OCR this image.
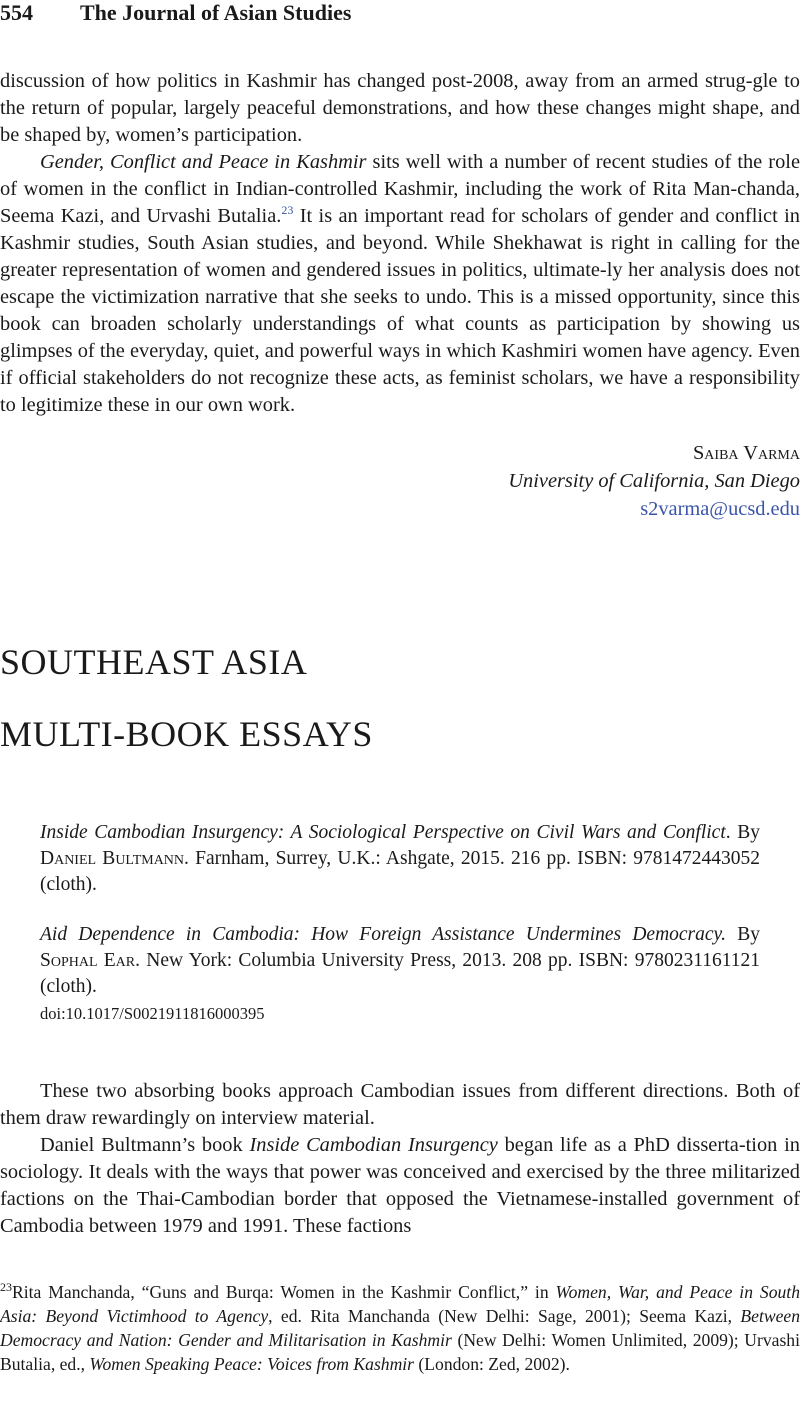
554 The Journal of Asian Studies

discussion of how politics in Kashmir has changed post-2008, away from an armed strug-gle to the return of popular, largely peaceful demonstrations, and how these changes might shape, and be shaped by, women’s participation.

Gender, Conflict and Peace in Kashmir sits well with a number of recent studies of the role of women in the conflict in Indian-controlled Kashmir, including the work of Rita Man-chanda, Seema Kazi, and Urvashi Butalia.$^{23}$ It is an important read for scholars of gender and conflict in Kashmir studies, South Asian studies, and beyond. While Shekhawat is right in calling for the greater representation of women and gendered issues in politics, ultimate-ly her analysis does not escape the victimization narrative that she seeks to undo. This is a missed opportunity, since this book can broaden scholarly understandings of what counts as participation by showing us glimpses of the everyday, quiet, and powerful ways in which Kashmiri women have agency. Even if official stakeholders do not recognize these acts, as feminist scholars, we have a responsibility to legitimize these in our own work.

Saiba Varma
University of California, San Diego
s2varma@ucsd.edu
SOUTHEAST ASIA
MULTI-BOOK ESSAYS

Inside Cambodian Insurgency: A Sociological Perspective on Civil Wars and Conflict. By Daniel Bultmann. Farnham, Surrey, U.K.: Ashgate, 2015. 216 pp. ISBN: 9781472443052 (cloth).

Aid Dependence in Cambodia: How Foreign Assistance Undermines Democracy. By Sophal Ear. New York: Columbia University Press, 2013. 208 pp. ISBN: 9780231161121 (cloth).

doi:10.1017/S0021911816000395

These two absorbing books approach Cambodian issues from different directions. Both of them draw rewardingly on interview material.

Daniel Bultmann’s book Inside Cambodian Insurgency began life as a PhD disserta-tion in sociology. It deals with the ways that power was conceived and exercised by the three militarized factions on the Thai-Cambodian border that opposed the Vietnamese-installed government of Cambodia between 1979 and 1991. These factions

$^{23}$Rita Manchanda, “Guns and Burqa: Women in the Kashmir Conflict,” in Women, War, and Peace in South Asia: Beyond Victimhood to Agency, ed. Rita Manchanda (New Delhi: Sage, 2001); Seema Kazi, Between Democracy and Nation: Gender and Militarisation in Kashmir (New Delhi: Women Unlimited, 2009); Urvashi Butalia, ed., Women Speaking Peace: Voices from Kashmir (London: Zed, 2002).
